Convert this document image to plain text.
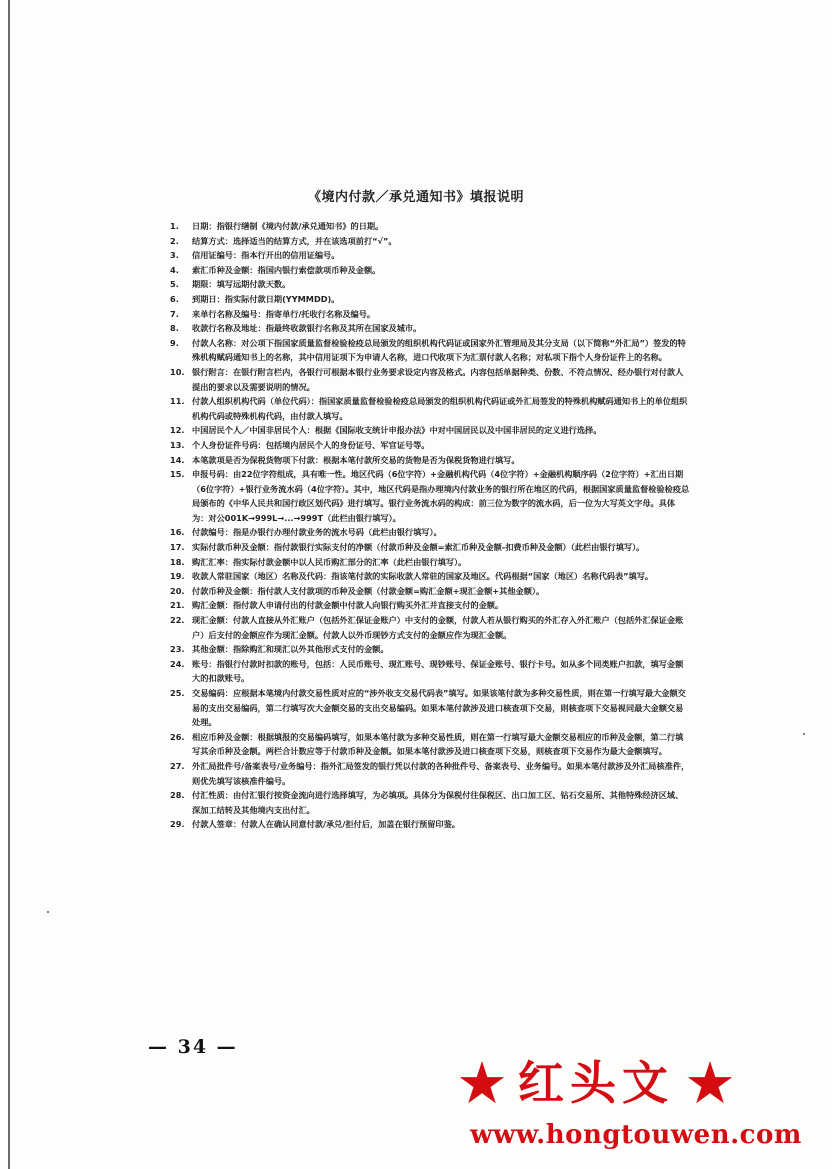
《境内付款／承兑通知书》填报说明
1.	日期：指银行缮制《境内付款/承兑通知书》的日期。
2.	结算方式：选择适当的结算方式，并在该选项前打“√”。
3.	信用证编号：指本行开出的信用证编号。
4.	索汇币种及金额：指国内银行索偿款项币种及金额。
5.	期限：填写远期付款天数。
6.	到期日：指实际付款日期(YYMMDD)。
7.	来单行名称及编号：指寄单行/托收行名称及编号。
8.	收款行名称及地址：指最终收款银行名称及其所在国家及城市。
9.	付款人名称：对公项下指国家质量监督检验检疫总局颁发的组织机构代码证或国家外汇管理局及其分支局（以下简称“外汇局”）签发的特殊机构赋码通知书上的名称，其中信用证项下为申请人名称，进口代收项下为汇票付款人名称；对私项下指个人身份证件上的名称。
10. 银行附言：在银行附言栏内，各银行可根据本银行业务要求设定内容及格式。内容包括单据种类、份数、不符点情况、经办银行对付款人提出的要求以及需要说明的情况。
11. 付款人组织机构代码（单位代码）：指国家质量监督检验检疫总局颁发的组织机构代码证或外汇局签发的特殊机构赋码通知书上的单位组织机构代码或特殊机构代码，由付款人填写。
12. 中国居民个人／中国非居民个人：根据《国际收支统计申报办法》中对中国居民以及中国非居民的定义进行选择。
13. 个人身份证件号码：包括境内居民个人的身份证号、军官证号等。
14. 本笔款项是否为保税货物项下付款：根据本笔付款所交易的货物是否为保税货物进行填写。
15. 申报号码：由22位字符组成，具有唯一性。地区代码（6位字符）+金融机构代码（4位字符）+金融机构顺序码（2位字符）+汇出日期（6位字符）+银行业务流水码（4位字符）。其中，地区代码是指办理境内付款业务的银行所在地区的代码，根据国家质量监督检验检疫总局颁布的《中华人民共和国行政区划代码》进行填写。银行业务流水码的构成：前三位为数字的流水码，后一位为大写英文字母。具体为：对公001K→999L→...→999T（此栏由银行填写）。
16. 付款编号：指是办银行办理付款业务的流水号码（此栏由银行填写）。
17. 实际付款币种及金额：指付款银行实际支付的净额（付款币种及金额=索汇币种及金额-扣费币种及金额）（此栏由银行填写）。
18. 购汇汇率：指实际付款金额中以人民币购汇部分的汇率（此栏由银行填写）。
19. 收款人常驻国家（地区）名称及代码：指该笔付款的实际收款人常驻的国家及地区。代码根据“国家（地区）名称代码表”填写。
20. 付款币种及金额：指付款人支付款项的币种及金额（付款金额=购汇金额+现汇金额+其他金额）。
21. 购汇金额：指付款人申请付出的付款金额中付款人向银行购买外汇并直接支付的金额。
22. 现汇金额：付款人直接从外汇账户（包括外汇保证金账户）中支付的金额，付款人若从银行购买的外汇存入外汇账户（包括外汇保证金账户）后支付的金额应作为现汇金额。付款人以外币现钞方式支付的金额应作为现汇金额。
23. 其他金额：指除购汇和现汇以外其他形式支付的金额。
24. 账号：指银行付款时扣款的账号，包括：人民币账号、现汇账号、现钞账号、保证金账号、银行卡号。如从多个同类账户扣款，填写金额大的扣款账号。
25. 交易编码：应根据本笔境内付款交易性质对应的“涉外收支交易代码表”填写。如果该笔付款为多种交易性质，则在第一行填写最大金额交易的支出交易编码，第二行填写次大金额交易的支出交易编码。如果本笔付款涉及进口核查项下交易，则核查项下交易视同最大金额交易处理。
26. 相应币种及金额：根据填报的交易编码填写，如果本笔付款为多种交易性质，则在第一行填写最大金额交易相应的币种及金额，第二行填写其余币种及金额。两栏合计数应等于付款币种及金额。如果本笔付款涉及进口核查项下交易，则核查项下交易作为最大金额填写。
27. 外汇局批件号/备案表号/业务编号：指外汇局签发的银行凭以付款的各种批件号、备案表号、业务编号。如果本笔付款涉及外汇局核准件，则优先填写该核准件编号。
28. 付汇性质：由付汇银行按资金流向进行选择填写，为必填项。具体分为保税付往保税区、出口加工区、钻石交易所、其他特殊经济区域、深加工结转及其他境内支出付汇。
29. 付款人签章：付款人在确认同意付款/承兑/拒付后，加盖在银行预留印鉴。
— 34 —
★ 红头文 ★
www.hongtouwen.com
